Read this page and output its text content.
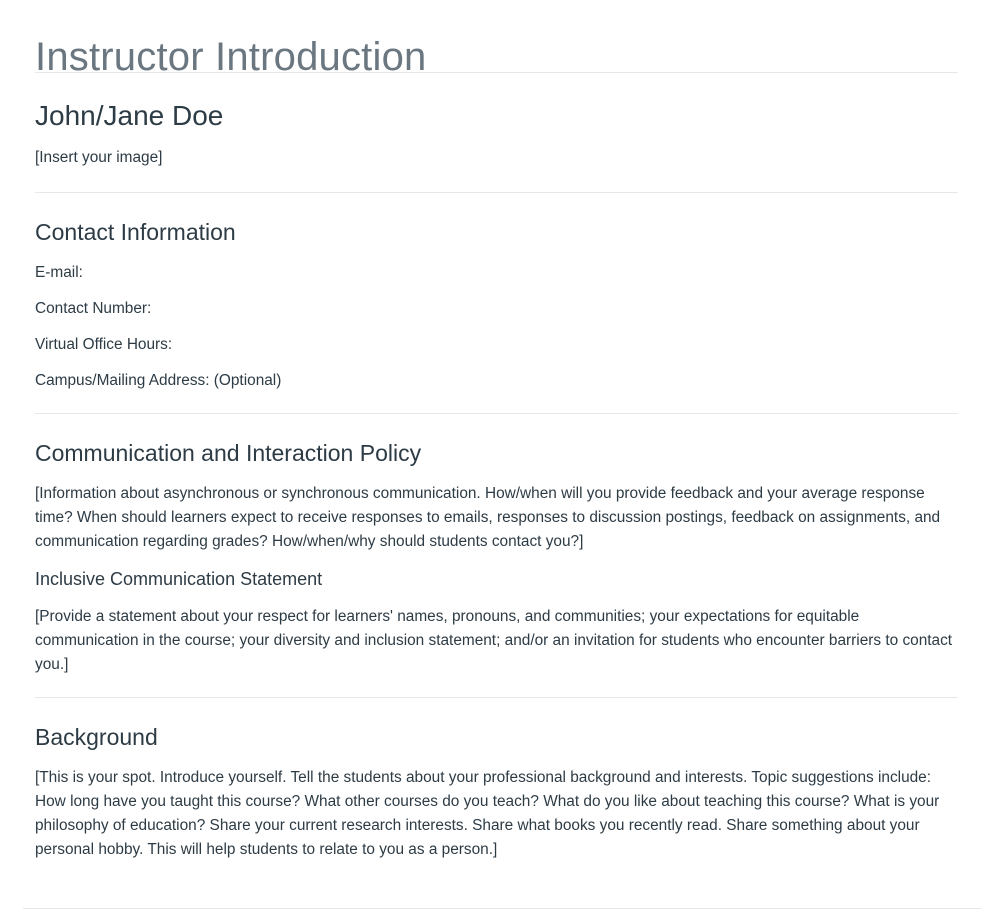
Instructor Introduction
John/Jane Doe

[Insert your image]

Contact Information

E-mail:

Contact Number:

Virtual Office Hours:

Campus/Mailing Address: (Optional)

Communication and Interaction Policy

[Information about asynchronous or synchronous communication. How/when will you provide feedback and your average response time? When should learners expect to receive responses to emails, responses to discussion postings, feedback on assignments, and communication regarding grades? How/when/why should students contact you?]

Inclusive Communication Statement

[Provide a statement about your respect for learners' names, pronouns, and communities; your expectations for equitable communication in the course; your diversity and inclusion statement; and/or an invitation for students who encounter barriers to contact you.]

Background

[This is your spot. Introduce yourself. Tell the students about your professional background and interests. Topic suggestions include: How long have you taught this course? What other courses do you teach? What do you like about teaching this course? What is your philosophy of education? Share your current research interests. Share what books you recently read. Share something about your personal hobby. This will help students to relate to you as a person.]
